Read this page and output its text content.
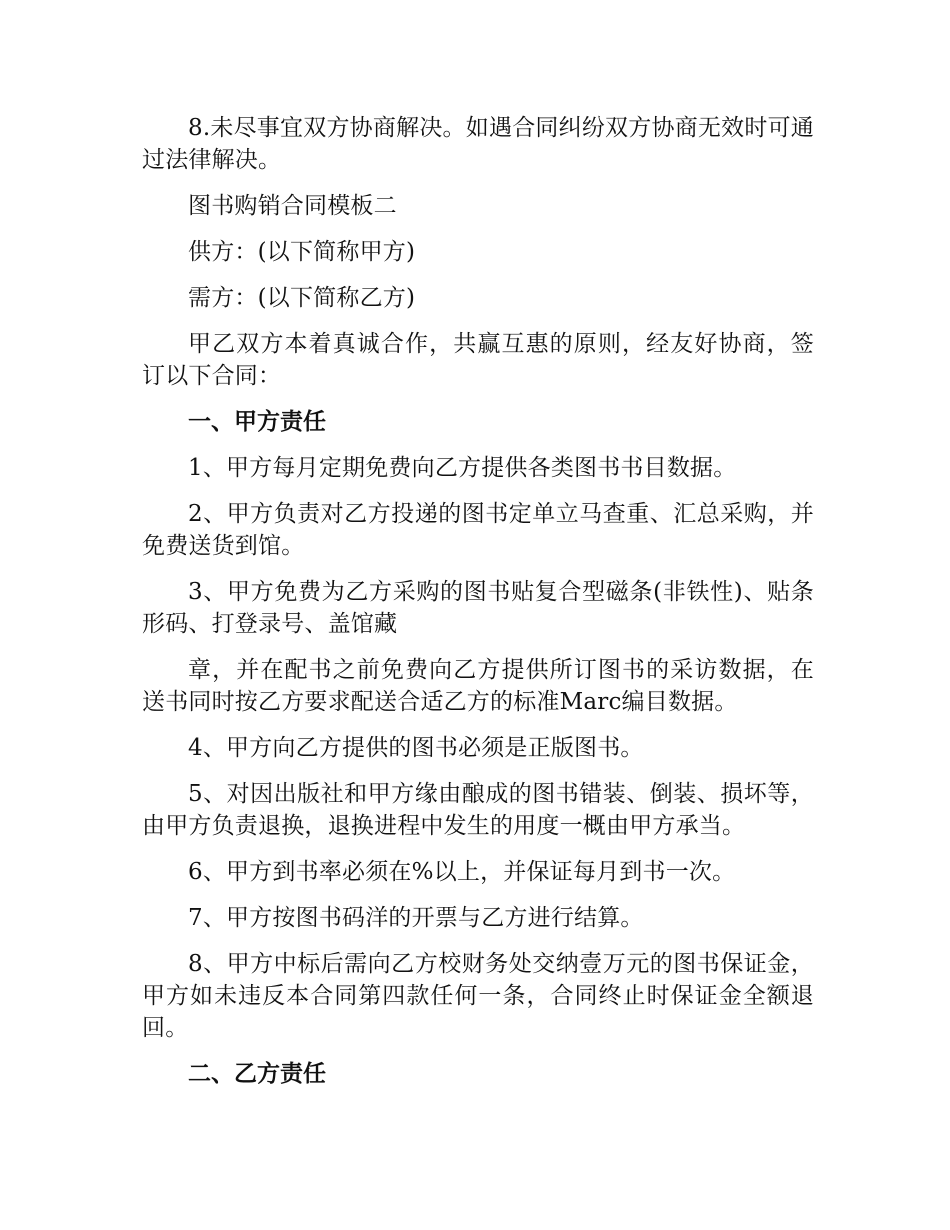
8.未尽事宜双方协商解决。如遇合同纠纷双方协商无效时可通过法律解决。

图书购销合同模板二

供方：(以下简称甲方)

需方：(以下简称乙方)

甲乙双方本着真诚合作，共赢互惠的原则，经友好协商，签订以下合同：

一、甲方责任

1、甲方每月定期免费向乙方提供各类图书书目数据。

2、甲方负责对乙方投递的图书定单立马查重、汇总采购，并免费送货到馆。

3、甲方免费为乙方采购的图书贴复合型磁条(非铁性)、贴条形码、打登录号、盖馆藏

章，并在配书之前免费向乙方提供所订图书的采访数据，在送书同时按乙方要求配送合适乙方的标准Marc编目数据。

4、甲方向乙方提供的图书必须是正版图书。

5、对因出版社和甲方缘由酿成的图书错装、倒装、损坏等，由甲方负责退换，退换进程中发生的用度一概由甲方承当。

6、甲方到书率必须在%以上，并保证每月到书一次。

7、甲方按图书码洋的开票与乙方进行结算。

8、甲方中标后需向乙方校财务处交纳壹万元的图书保证金，甲方如未违反本合同第四款任何一条，合同终止时保证金全额退回。

二、乙方责任
